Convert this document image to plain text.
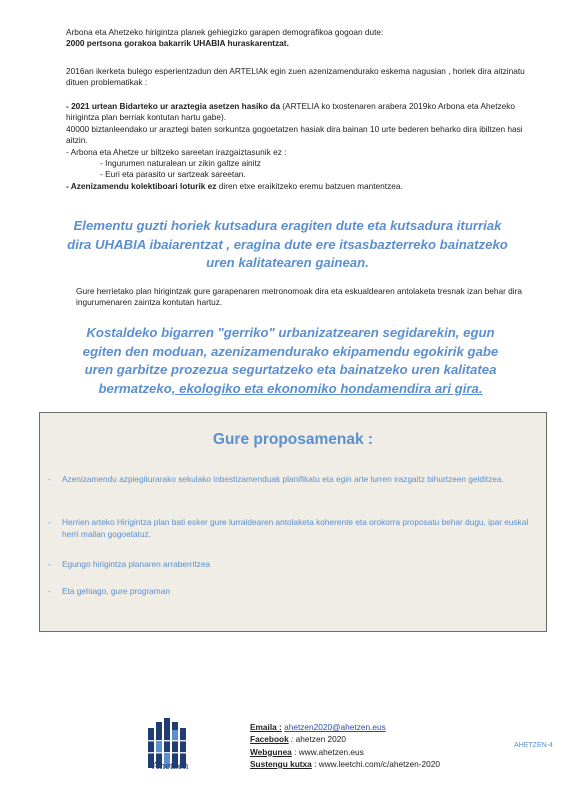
Arbona eta Ahetzeko hirigintza planek gehiegizko garapen demografikoa gogoan dute:

2000 pertsona gorakoa bakarrik UHABIA huraskarentzat.

2016an ikerketa bulego esperientzadun den ARTELIAk egin zuen azenizamendurako eskema nagusian , horiek dira aitzinatu dituen problematikak :

- 2021 urtean Bidarteko ur araztegia asetzen hasiko da (ARTELIA ko txostenaren arabera 2019ko Arbona eta Ahetzeko hirigintza plan berriak kontutan hartu gabe).

40000 biztanleendako ur araztegi baten sorkuntza gogoetatzen hasiak dira bainan 10 urte bederen beharko dira ibiltzen hasi aitzin.

- Arbona eta Ahetze ur biltzeko sareetan irazgaiztasunik ez :

- Ingurumen naturalean ur zikin galtze ainitz

- Euri eta parasito ur sartzeak sareetan.

- Azenizamendu kolektiboari loturik ez diren etxe eraikitzeko eremu batzuen mantentzea.

Elementu guzti horiek kutsadura eragiten dute eta kutsadura iturriak dira UHABIA ibaiarentzat , eragina dute ere itsasbazterreko bainatzeko uren kalitatearen gainean.

Gure herrietako plan hirigintzak gure garapenaren metronomoak dira eta eskualdearen antolaketa tresnak izan behar dira ingurumenaren zaintza kontutan hartuz.

Kostaldeko bigarren "gerriko" urbanizatzearen segidarekin, egun egiten den moduan, azenizamendurako ekipamendu egokirik gabe uren garbitze prozezua segurtatzeko eta bainatzeko uren kalitatea bermatzeko, ekologiko eta ekonomiko hondamendira ari gira.
Gure proposamenak :
- Azenizamendu azpiegiturarako sekulako inbestizamenduak planifikatu eta egin arte lurren irazgaitz bihurtzeen gelditzea.
- Herrien arteko Hirigintza plan bati esker gure lurraldearen antolaketa koherente eta orokorra proposatu behar dugu, ipar euskal herri mailan gogoetatuz.
- Egungo hirigintza planaren arraberritzea
- Eta gehiago, gure programan
Ahetzen
Emaila : ahetzen2020@ahetzen.eus
Facebook : ahetzen 2020
Webgunea : www.ahetzen.eus
Sustengu kutxa : www.leetchi.com/c/ahetzen-2020
AHETZEN-4
